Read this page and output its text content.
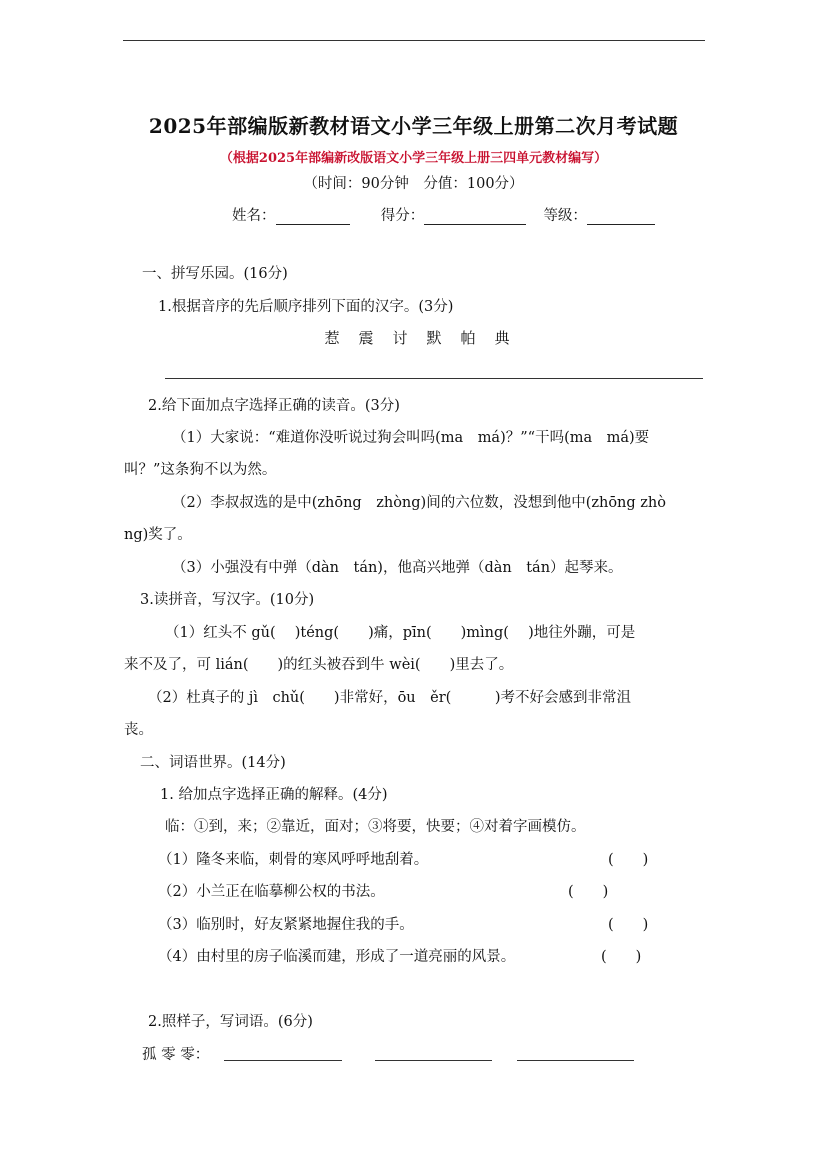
2025年部编版新教材语文小学三年级上册第二次月考试题
（根据2025年部编新改版语文小学三年级上册三四单元教材编写）
（时间：90分钟　分值：100分）
姓名：	得分：	等级：
一、拼写乐园。(16分)
1.根据音序的先后顺序排列下面的汉字。(3分)
惹 震 讨 默 帕 典
2.给下面加点字选择正确的读音。(3分)
（1）大家说：“难道你没听说过狗会叫吗(ma　má)？”“干吗(ma　má)要
叫？”这条狗不以为然。
（2）李叔叔选的是中(zhōng　zhòng)间的六位数，没想到他中(zhōng zhò
ng)奖了。
（3）小强没有中弹（dàn　tán)，他高兴地弹（dàn　tán）起琴来。
3.读拼音，写汉字。(10分)
（1）红头不 gǔ(　 )téng(　　)痛，pīn(　　)mìng(　 )地往外蹦，可是
来不及了，可 lián(　　)的红头被吞到牛 wèi(　　)里去了。
（2）杜真子的 jì　chǔ(　　)非常好，ōu　ěr(　　　)考不好会感到非常沮
丧。
二、词语世界。(14分)
1. 给加点字选择正确的解释。(4分)
临：①到，来；②靠近，面对；③将要，快要；④对着字画模仿。
（1）隆冬来临，刺骨的寒风呼呼地刮着。	(　　)
（2）小兰正在临摹柳公权的书法。	(　　)
（3）临别时，好友紧紧地握住我的手。	(　　)
（4）由村里的房子临溪而建，形成了一道亮丽的风景。	(　　)
2.照样子，写词语。(6分)
孤 零 零：
